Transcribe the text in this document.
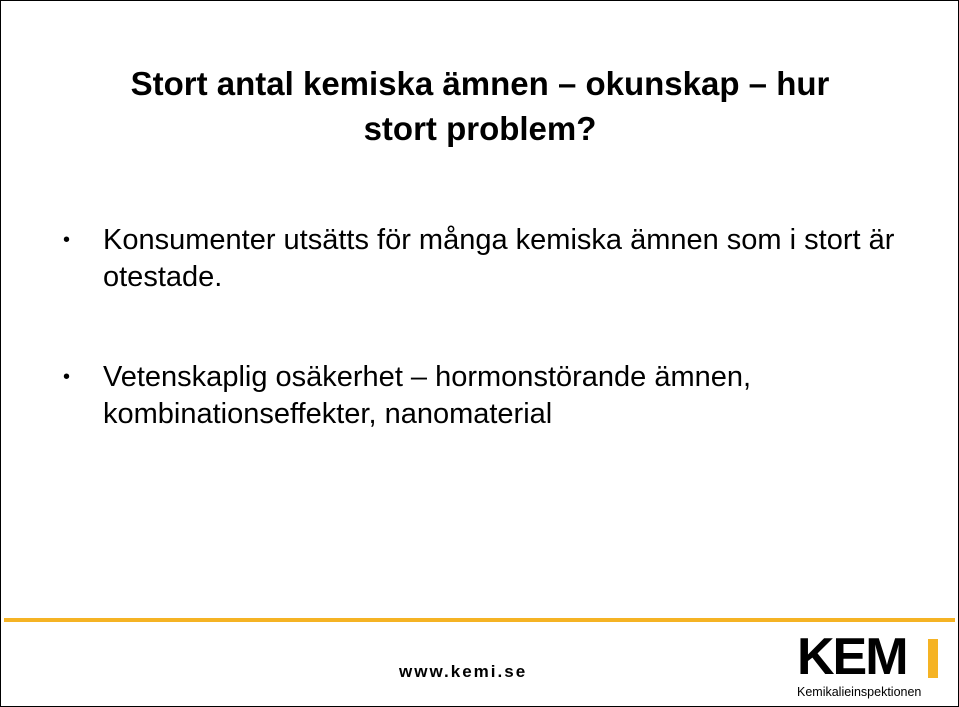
Stort antal kemiska ämnen – okunskap – hur
stort problem?
• Konsumenter utsätts för många kemiska ämnen som i stort är otestade.
• Vetenskaplig osäkerhet – hormonstörande ämnen, kombinationseffekter, nanomaterial
www.kemi.se	KEM
Kemikalieinspektionen
